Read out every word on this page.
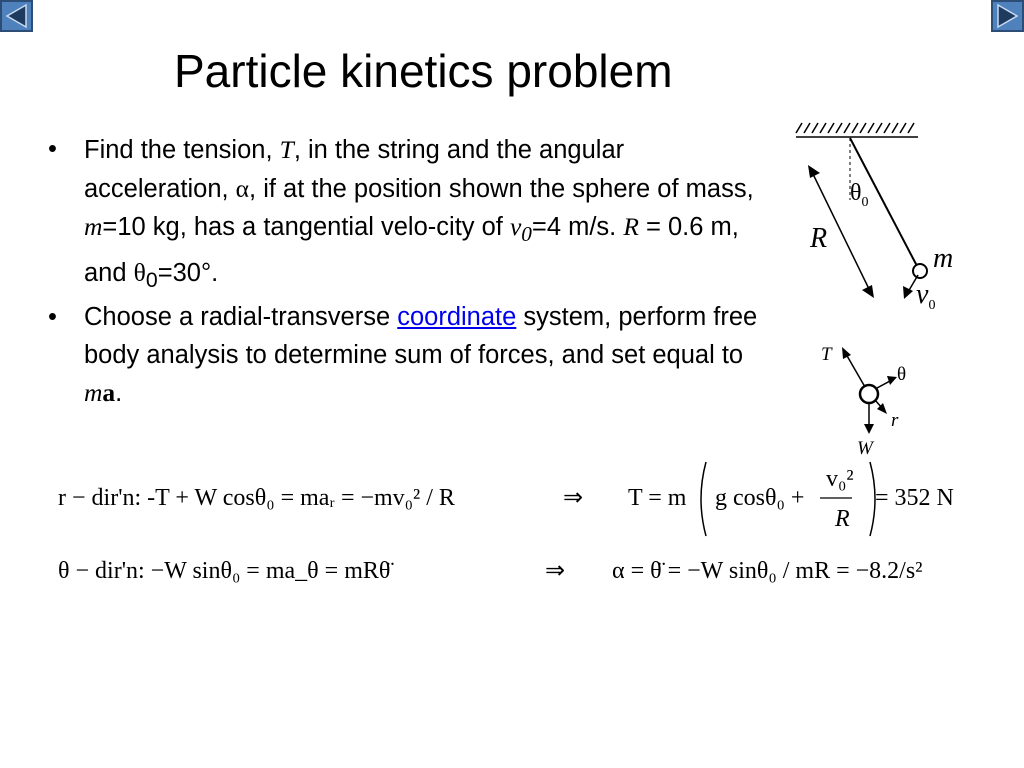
Particle kinetics problem
• Find the tension, T, in the string and the angular acceleration, α, if at the position shown the sphere of mass, m=10 kg, has a tangential velo-city of $v_0=4$ m/s. R = 0.6 m, and $\theta_0=30^\circ$.
• Choose a radial-transverse coordinate system, perform free body analysis to determine sum of forces, and set equal to ma.
$\theta_0$
R
m
$v_0$
T
θ
r
W
r − dir'n: -T + W cosθ₀ = maᵣ = −mv₀² / R	⇒ T = m g cosθ₀ +
v₀²
R
= 352 N
θ − dir'n: −W sinθ₀ = ma_θ = mRθ̈	⇒ α = θ̈ = −W sinθ₀ / mR = −8.2/s²
